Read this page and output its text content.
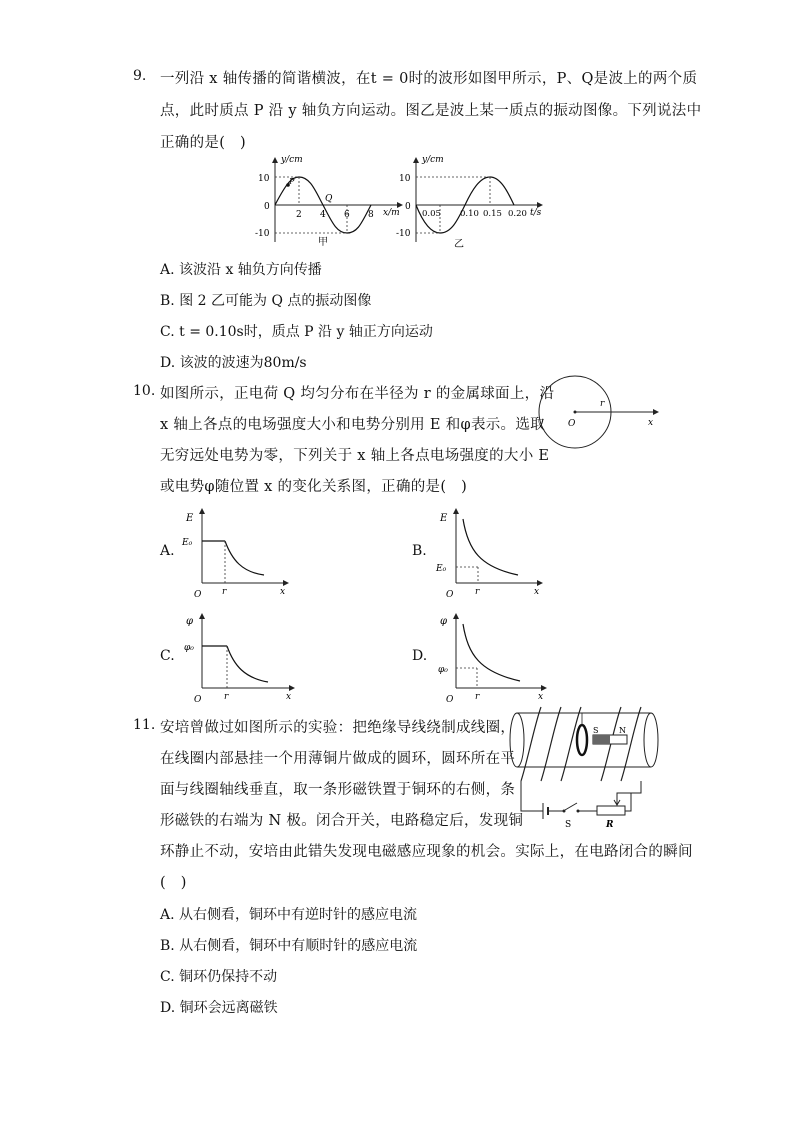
9. 一列沿 x 轴传播的简谐横波，在t = 0时的波形如图甲所示，P、Q是波上的两个质
点，此时质点 P 沿 y 轴负方向运动。图乙是波上某一质点的振动图像。下列说法中
正确的是(　)
y/cm
10
0
-10
P
Q
2 4 6 8 x/m
甲
y/cm
10
0
-10
0.05 0.10 0.15 0.20 t/s
乙
A. 该波沿 x 轴负方向传播
B. 图 2 乙可能为 Q 点的振动图像
C. t = 0.10s时，质点 P 沿 y 轴正方向运动
D. 该波的波速为80m/s
10. 如图所示，正电荷 Q 均匀分布在半径为 r 的金属球面上，沿
x 轴上各点的电场强度大小和电势分别用 E 和φ表示。选取
无穷远处电势为零，下列关于 x 轴上各点电场强度的大小 E
或电势φ随位置 x 的变化关系图，正确的是(　)
r
O	x
A.
E
E₀
O r	x
B.
E
E₀
O r	x
C.
φ
φ₀
O	r	x
D.
φ
φ₀
O r	x
11. 安培曾做过如图所示的实验：把绝缘导线绕制成线圈，
在线圈内部悬挂一个用薄铜片做成的圆环，圆环所在平
面与线圈轴线垂直，取一条形磁铁置于铜环的右侧，条
形磁铁的右端为 N 极。闭合开关，电路稳定后，发现铜
环静止不动，安培由此错失发现电磁感应现象的机会。实际上，在电路闭合的瞬间
(　)
S	N
S	R
A. 从右侧看，铜环中有逆时针的感应电流
B. 从右侧看，铜环中有顺时针的感应电流
C. 铜环仍保持不动
D. 铜环会远离磁铁
